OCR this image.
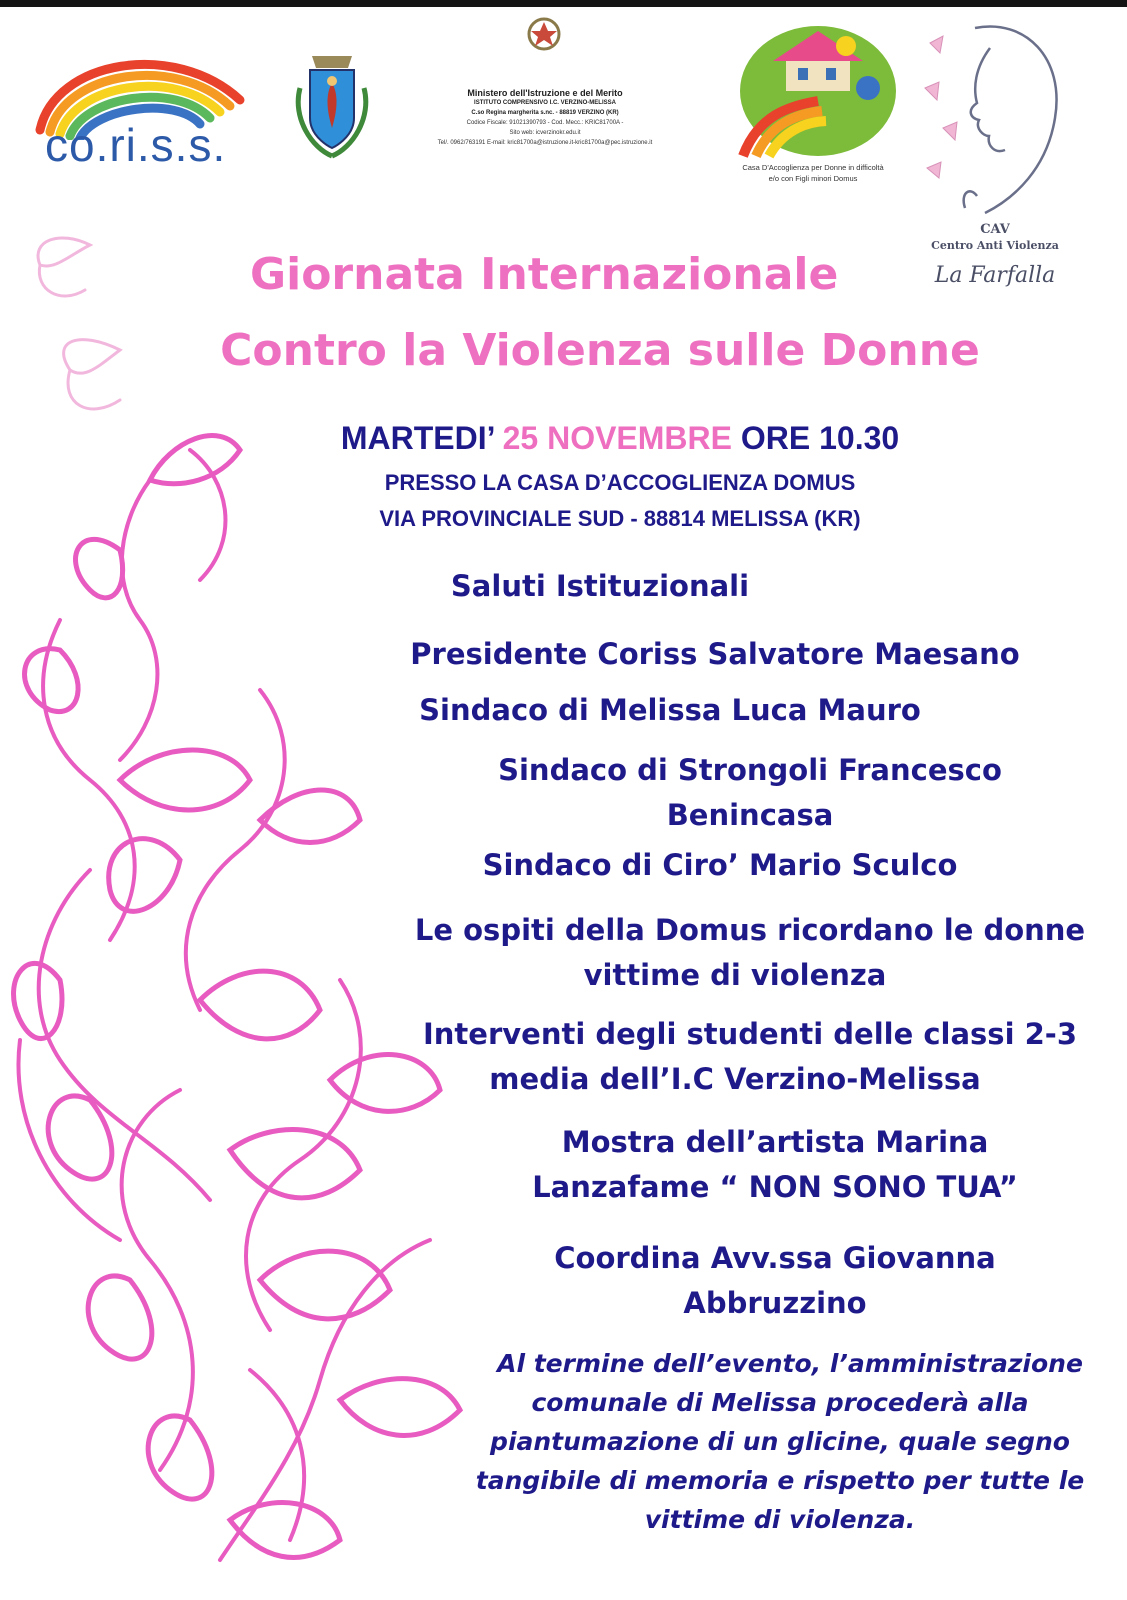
co.ri.s.s.
Ministero dell'Istruzione e del Merito
ISTITUTO COMPRENSIVO I.C. VERZINO-MELISSA
C.so Regina margherita s.nc. - 88819 VERZINO (KR)
Codice Fiscale: 91021390793 - Cod. Mecc.: KRIC81700A -
Sito web: icverzinokr.edu.it
Tel/. 0962/763191 E-mail: kric81700a@istruzione.it-kric81700a@pec.istruzione.it
Casa D'Accoglienza per Donne in difficoltà
e/o con Figli minori Domus
CAV
Centro Anti Violenza
La Farfalla
Giornata Internazionale
Contro la Violenza sulle Donne
MARTEDI’ 25 NOVEMBRE ORE 10.30
PRESSO LA CASA D’ACCOGLIENZA DOMUS
VIA PROVINCIALE SUD - 88814 MELISSA (KR)
Saluti Istituzionali
Presidente Coriss Salvatore Maesano
Sindaco di Melissa Luca Mauro
Sindaco di Strongoli Francesco
Benincasa
Sindaco di Ciro’ Mario Sculco
Le ospiti della Domus ricordano le donne
vittime di violenza
Interventi degli studenti delle classi 2-3
media dell’I.C Verzino-Melissa
Mostra dell’artista Marina
Lanzafame “ NON SONO TUA”
Coordina Avv.ssa Giovanna
Abbruzzino
Al termine dell’evento, l’amministrazione
comunale di Melissa procederà alla
piantumazione di un glicine, quale segno
tangibile di memoria e rispetto per tutte le
vittime di violenza.
